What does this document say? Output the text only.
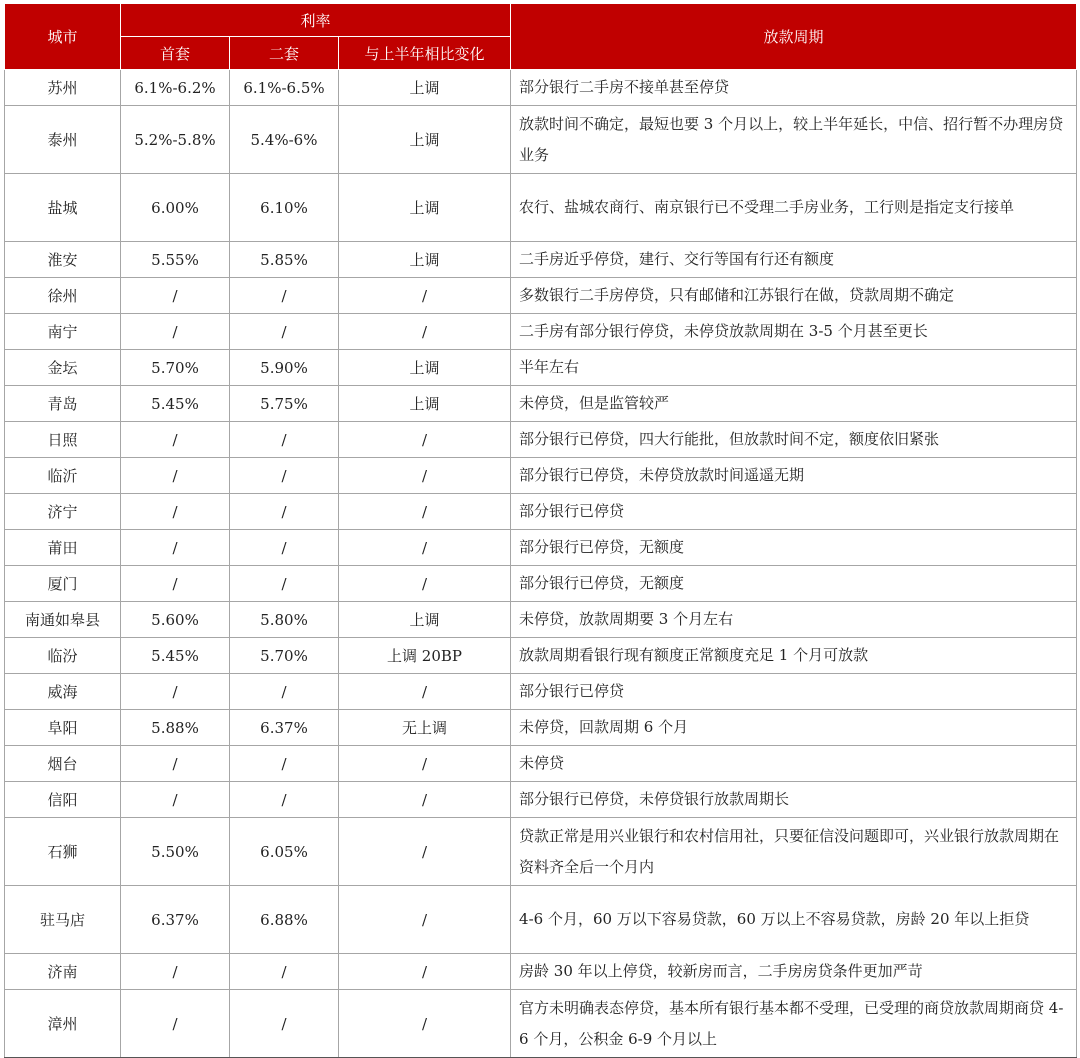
城市	利率			放款周期
	首套	二套	与上半年相比变化	
苏州	6.1%-6.2%	6.1%-6.5%	上调	部分银行二手房不接单甚至停贷
泰州	5.2%-5.8%	5.4%-6%	上调	放款时间不确定，最短也要 3 个月以上，较上半年延长，中信、招行暂不办理房贷业务
盐城	6.00%	6.10%	上调	农行、盐城农商行、南京银行已不受理二手房业务，工行则是指定支行接单
淮安	5.55%	5.85%	上调	二手房近乎停贷，建行、交行等国有行还有额度
徐州	/	/	/	多数银行二手房停贷，只有邮储和江苏银行在做，贷款周期不确定
南宁	/	/	/	二手房有部分银行停贷，未停贷放款周期在 3-5 个月甚至更长
金坛	5.70%	5.90%	上调	半年左右
青岛	5.45%	5.75%	上调	未停贷，但是监管较严
日照	/	/	/	部分银行已停贷，四大行能批，但放款时间不定，额度依旧紧张
临沂	/	/	/	部分银行已停贷，未停贷放款时间遥遥无期
济宁	/	/	/	部分银行已停贷
莆田	/	/	/	部分银行已停贷，无额度
厦门	/	/	/	部分银行已停贷，无额度
南通如皋县	5.60%	5.80%	上调	未停贷，放款周期要 3 个月左右
临汾	5.45%	5.70%	上调 20BP	放款周期看银行现有额度正常额度充足 1 个月可放款
威海	/	/	/	部分银行已停贷
阜阳	5.88%	6.37%	无上调	未停贷，回款周期 6 个月
烟台	/	/	/	未停贷
信阳	/	/	/	部分银行已停贷，未停贷银行放款周期长
石狮	5.50%	6.05%	/	贷款正常是用兴业银行和农村信用社，只要征信没问题即可，兴业银行放款周期在资料齐全后一个月内
驻马店	6.37%	6.88%	/	4-6 个月，60 万以下容易贷款，60 万以上不容易贷款，房龄 20 年以上拒贷
济南	/	/	/	房龄 30 年以上停贷，较新房而言，二手房房贷条件更加严苛
漳州	/	/	/	官方未明确表态停贷，基本所有银行基本都不受理，已受理的商贷放款周期商贷 4-6 个月，公积金 6-9 个月以上
